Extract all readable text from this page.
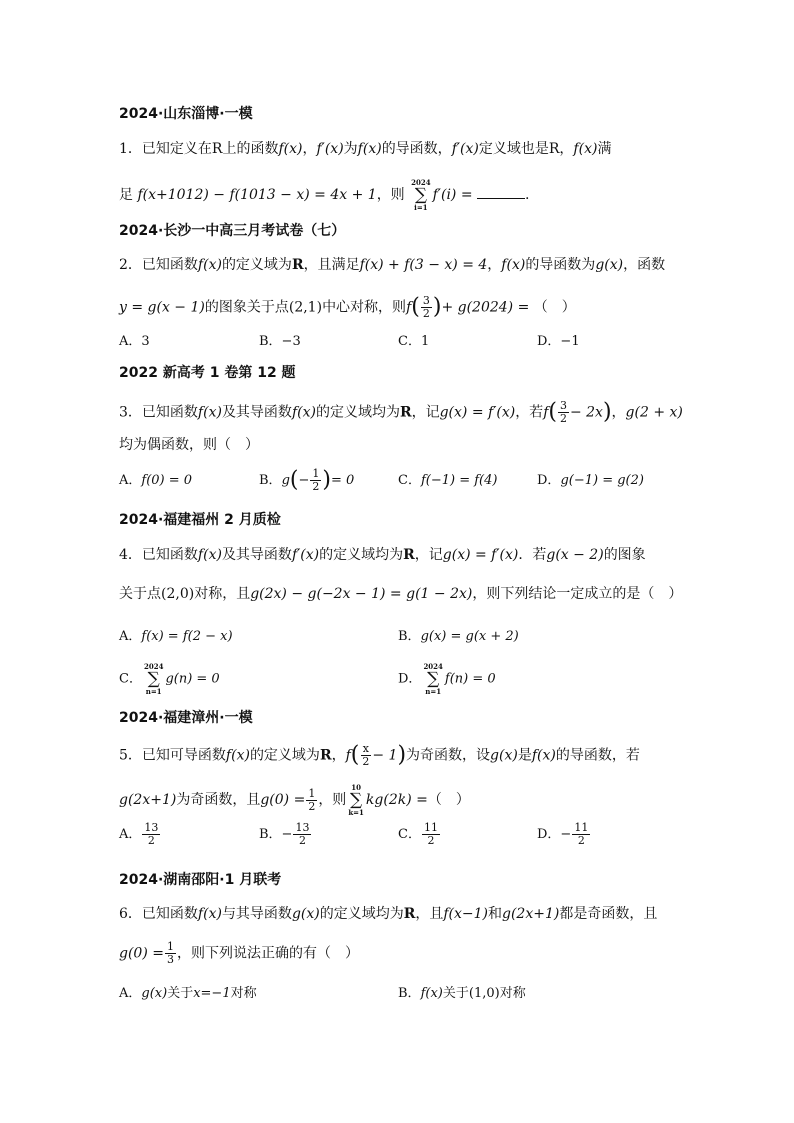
2024·山东淄博·一模
1．已知定义在R上的函数f(x)，f′(x)为f(x)的导函数，f′(x)定义域也是R，f(x)满
足 f(x+1012) − f(1013 − x) = 4x + 1，则
2024
∑
i=1
f′(i) =	.
2024·长沙一中高三月考试卷（七）
2．已知函数f(x)的定义域为R，且满足f(x) + f(3 − x) = 4，f(x)的导函数为g(x)，函数
y = g(x − 1)的图象关于点(2,1)中心对称，则$f( \frac{3}{2}$ )+ g(2024) = （　）
A．3	B．−3	C．1	D．−1
2022 新高考 1 卷第 12 题
3．已知函数f(x)及其导函数f(x)的定义域均为R，记g(x) = f′(x)，若$f( \frac{3}{2} - 2x)$，g(2 + x)
均为偶函数，则（　）
A．f(0) = 0	B．$g(- \frac{1}{2}$ )= 0	C．f(−1) = f(4)	D．g(−1) = g(2)
2024·福建福州 2 月质检
4．已知函数f(x)及其导函数f′(x)的定义域均为R，记g(x) = f′(x)．若g(x − 2)的图象
关于点(2,0)对称，且g(2x) − g(−2x − 1) = g(1 − 2x)，则下列结论一定成立的是（　）
A．f(x) = f(2 − x)	B．g(x) = g(x + 2)
C．
2024
∑
n=1
g(n) = 0	D．
2024
∑
n=1
f(n) = 0
2024·福建漳州·一模
5．已知可导函数f(x)的定义域为R，$f( \frac{x}{2} - 1)$为奇函数，设g(x)是f(x)的导函数，若
g(2x+1)为奇函数，且$g(0) = \frac{1}{2}$ ，则
10
∑
k=1
kg(2k) =（　）
A． $\frac{13}{2}$	B．− $\frac{13}{2}$	C． $\frac{11}{2}$	D．− $\frac{11}{2}$
2024·湖南邵阳·1 月联考
6．已知函数f(x)与其导函数g(x)的定义域均为R，且f(x−1)和g(2x+1)都是奇函数，且
$g(0) = \frac{1}{3}$ ，则下列说法正确的有（　）
A．g(x)关于x=−1对称	B．f(x)关于(1,0)对称
